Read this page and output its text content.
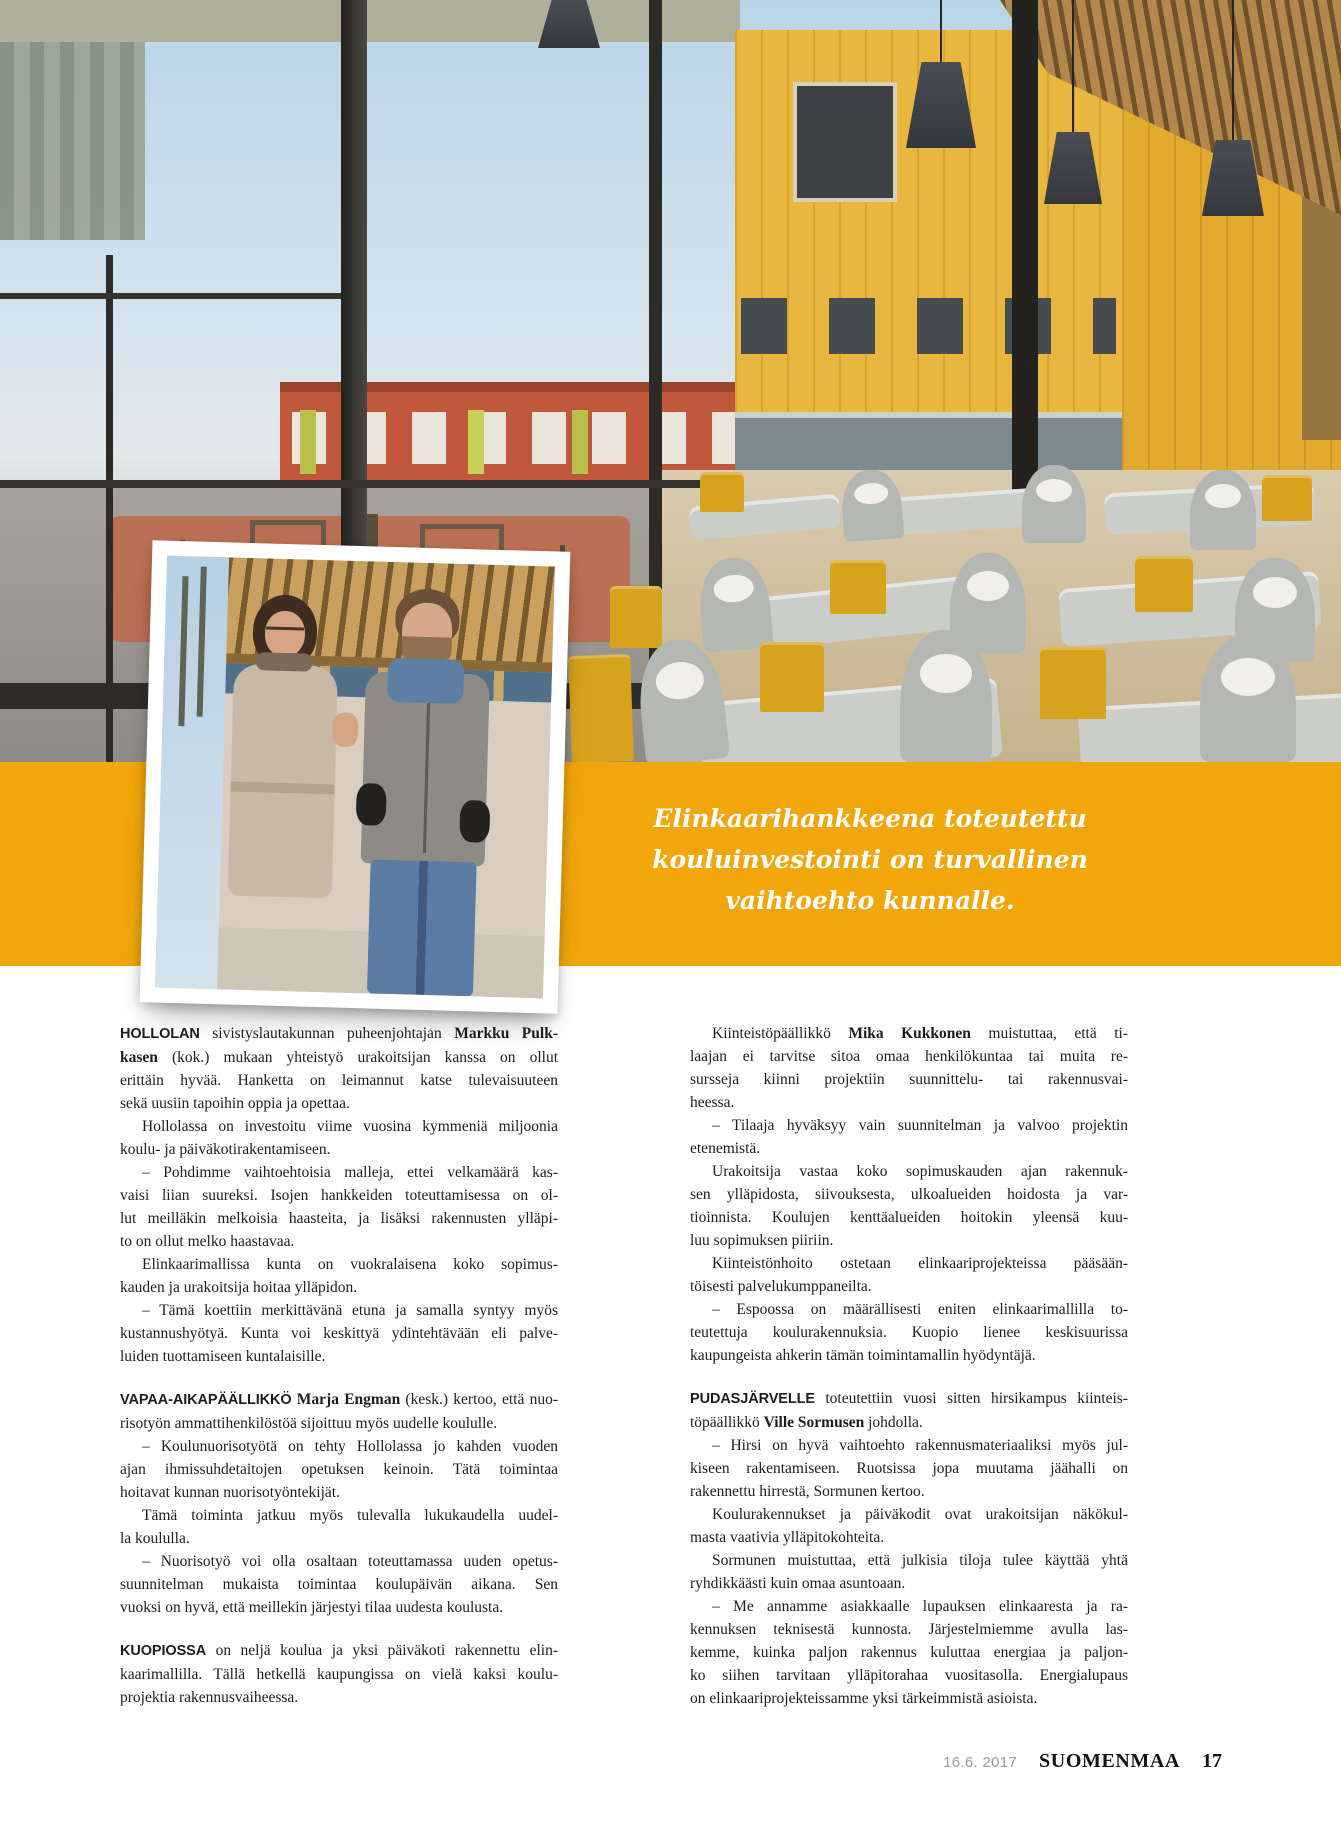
Elinkaarihankkeena toteutettu
kouluinvestointi on turvallinen
vaihtoehto kunnalle.
HOLLOLAN sivistyslautakunnan puheenjohtajan Markku Pulk-
kasen (kok.) mukaan yhteistyö urakoitsijan kanssa on ollut
erittäin hyvää. Hanketta on leimannut katse tulevaisuuteen
sekä uusiin tapoihin oppia ja opettaa.
Hollolassa on investoitu viime vuosina kymmeniä miljoonia
koulu- ja päiväkotirakentamiseen.
– Pohdimme vaihtoehtoisia malleja, ettei velkamäärä kas-
vaisi liian suureksi. Isojen hankkeiden toteuttamisessa on ol-
lut meilläkin melkoisia haasteita, ja lisäksi rakennusten ylläpi-
to on ollut melko haastavaa.
Elinkaarimallissa kunta on vuokralaisena koko sopimus-
kauden ja urakoitsija hoitaa ylläpidon.
– Tämä koettiin merkittävänä etuna ja samalla syntyy myös
kustannushyötyä. Kunta voi keskittyä ydintehtävään eli palve-
luiden tuottamiseen kuntalaisille.
VAPAA-AIKAPÄÄLLIKKÖ Marja Engman (kesk.) kertoo, että nuo-
risotyön ammattihenkilöstöä sijoittuu myös uudelle koululle.
– Koulunuorisotyötä on tehty Hollolassa jo kahden vuoden
ajan ihmissuhdetaitojen opetuksen keinoin. Tätä toimintaa
hoitavat kunnan nuorisotyöntekijät.
Tämä toiminta jatkuu myös tulevalla lukukaudella uudel-
la koululla.
– Nuorisotyö voi olla osaltaan toteuttamassa uuden opetus-
suunnitelman mukaista toimintaa koulupäivän aikana. Sen
vuoksi on hyvä, että meillekin järjestyi tilaa uudesta koulusta.
KUOPIOSSA on neljä koulua ja yksi päiväkoti rakennettu elin-
kaarimallilla. Tällä hetkellä kaupungissa on vielä kaksi koulu-
projektia rakennusvaiheessa.
Kiinteistöpäällikkö Mika Kukkonen muistuttaa, että ti-
laajan ei tarvitse sitoa omaa henkilökuntaa tai muita re-
sursseja kiinni projektiin suunnittelu- tai rakennusvai-
heessa.
– Tilaaja hyväksyy vain suunnitelman ja valvoo projektin
etenemistä.
Urakoitsija vastaa koko sopimuskauden ajan rakennuk-
sen ylläpidosta, siivouksesta, ulkoalueiden hoidosta ja var-
tioinnista. Koulujen kenttäalueiden hoitokin yleensä kuu-
luu sopimuksen piiriin.
Kiinteistönhoito ostetaan elinkaariprojekteissa pääsään-
töisesti palvelukumppaneilta.
– Espoossa on määrällisesti eniten elinkaarimallilla to-
teutettuja koulurakennuksia. Kuopio lienee keskisuurissa
kaupungeista ahkerin tämän toimintamallin hyödyntäjä.
PUDASJÄRVELLE toteutettiin vuosi sitten hirsikampus kiinteis-
töpäällikkö Ville Sormusen johdolla.
– Hirsi on hyvä vaihtoehto rakennusmateriaaliksi myös jul-
kiseen rakentamiseen. Ruotsissa jopa muutama jäähalli on
rakennettu hirrestä, Sormunen kertoo.
Koulurakennukset ja päiväkodit ovat urakoitsijan näkökul-
masta vaativia ylläpitokohteita.
Sormunen muistuttaa, että julkisia tiloja tulee käyttää yhtä
ryhdikkäästi kuin omaa asuntoaan.
– Me annamme asiakkaalle lupauksen elinkaaresta ja ra-
kennuksen teknisestä kunnosta. Järjestelmiemme avulla las-
kemme, kuinka paljon rakennus kuluttaa energiaa ja paljon-
ko siihen tarvitaan ylläpitorahaa vuositasolla. Energialupaus
on elinkaariprojekteissamme yksi tärkeimmistä asioista.
16.6. 2017 SUOMENMAA 17
